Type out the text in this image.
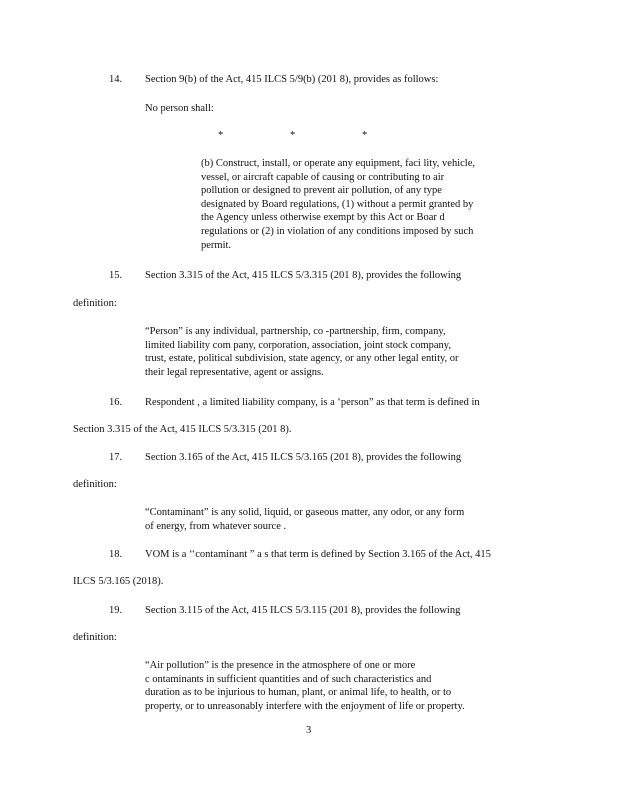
14. Section 9(b) of the Act, 415 ILCS 5/9(b) (201 8), provides as follows:
No person shall:
*	*	*
(b) Construct, install, or operate any equipment, faci lity, vehicle,
vessel, or aircraft capable of causing or contributing to air
pollution or designed to prevent air pollution, of any type
designated by Board regulations, (1) without a permit granted by
the Agency unless otherwise exempt by this Act or Boar d
regulations or (2) in violation of any conditions imposed by such
permit.
15. Section 3.315 of the Act, 415 ILCS 5/3.315 (201 8), provides the following
definition:
“Person” is any individual, partnership, co -partnership, firm, company,
limited liability com pany, corporation, association, joint stock company,
trust, estate, political subdivision, state agency, or any other legal entity, or
their legal representative, agent or assigns.
16. Respondent , a limited liability company, is a ‘person” as that term is defined in
Section 3.315 of the Act, 415 ILCS 5/3.315 (201 8).
17. Section 3.165 of the Act, 415 ILCS 5/3.165 (201 8), provides the following
definition:
“Contaminant” is any solid, liquid, or gaseous matter, any odor, or any form
of energy, from whatever source .
18. VOM is a ‘‘contaminant ” a s that term is defined by Section 3.165 of the Act, 415
ILCS 5/3.165 (2018).
19. Section 3.115 of the Act, 415 ILCS 5/3.115 (201 8), provides the following
definition:
“Air pollution” is the presence in the atmosphere of one or more
c ontaminants in sufficient quantities and of such characteristics and
duration as to be injurious to human, plant, or animal life, to health, or to
property, or to unreasonably interfere with the enjoyment of life or property.
3
